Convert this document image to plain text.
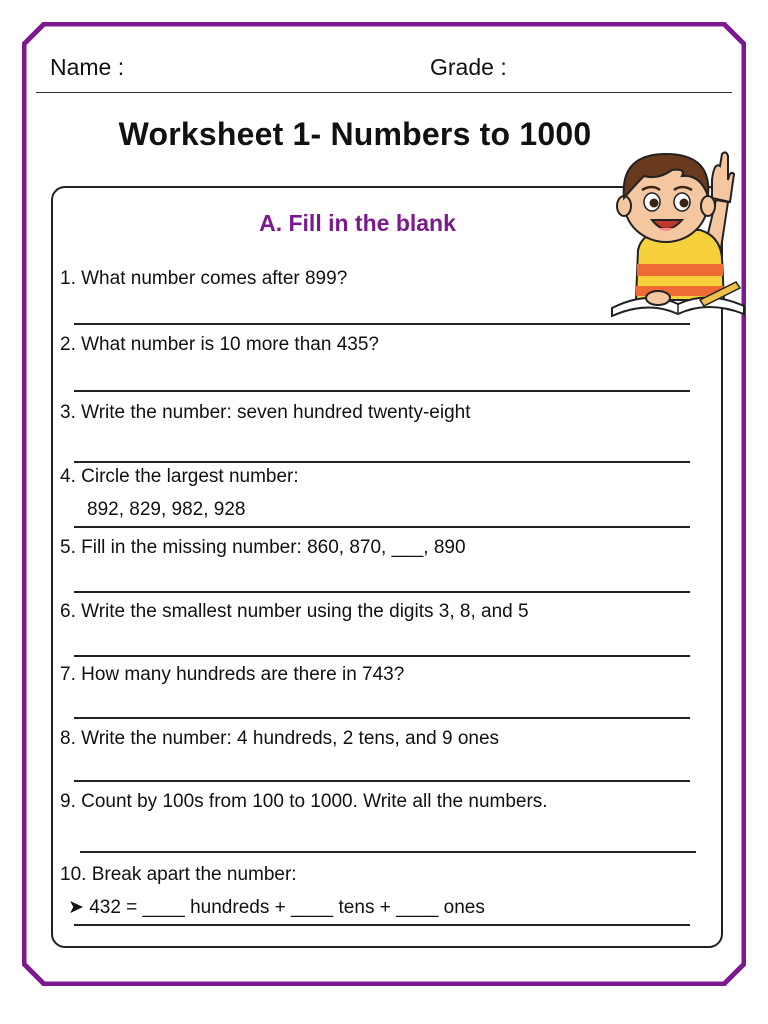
Name :	Grade :
Worksheet 1- Numbers to 1000
A. Fill in the blank
1. What number comes after 899?
2. What number is 10 more than 435?
3. Write the number: seven hundred twenty-eight
4. Circle the largest number:
892, 829, 982, 928
5. Fill in the missing number: 860, 870, ___, 890
6. Write the smallest number using the digits 3, 8, and 5
7. How many hundreds are there in 743?
8. Write the number: 4 hundreds, 2 tens, and 9 ones
9. Count by 100s from 100 to 1000. Write all the numbers.
10. Break apart the number:
➤ 432 = ____ hundreds + ____ tens + ____ ones
